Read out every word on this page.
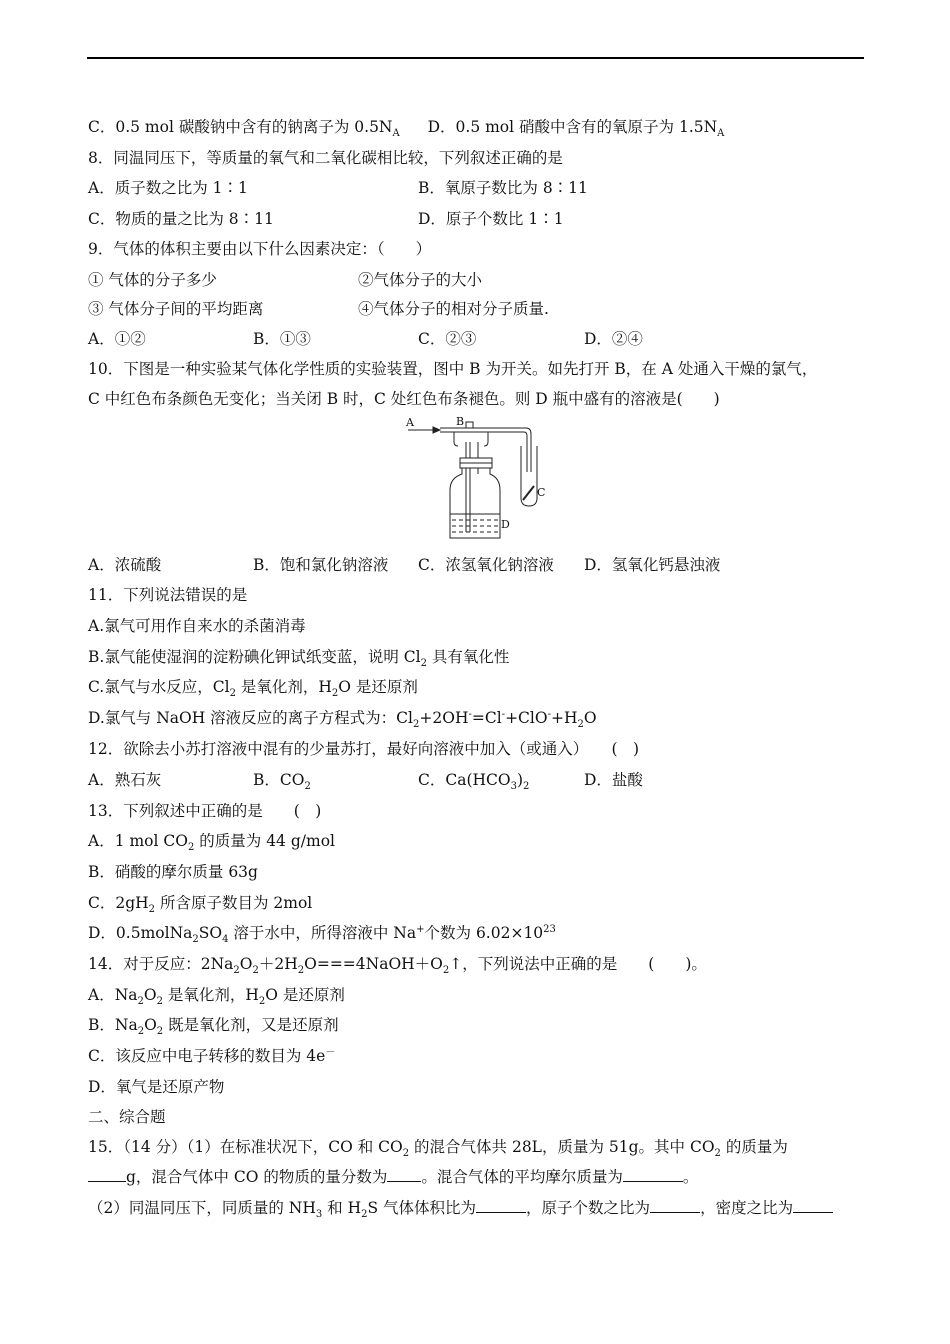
C．0.5 mol 碳酸钠中含有的钠离子为 $0.5N_A$ D．0.5 mol 硝酸中含有的氧原子为 $1.5N_A$
8．同温同压下，等质量的氧气和二氧化碳相比较，下列叙述正确的是
A．质子数之比为 1∶1	B．氧原子数比为 8∶11
C．物质的量之比为 8∶11	D．原子个数比 1∶1
9．气体的体积主要由以下什么因素决定：（　　）
① 气体的分子多少	②气体分子的大小
③ 气体分子间的平均距离	④气体分子的相对分子质量.
A．①②	B．①③	C．②③	D．②④
10．下图是一种实验某气体化学性质的实验装置，图中 B 为开关。如先打开 B，在 A 处通入干燥的氯气，
C 中红色布条颜色无变化；当关闭 B 时，C 处红色布条褪色。则 D 瓶中盛有的溶液是(　　)
A	B
C
D
A．浓硫酸	B．饱和氯化钠溶液 C．浓氢氧化钠溶液 D．氢氧化钙悬浊液
11．下列说法错误的是
A.氯气可用作自来水的杀菌消毒
B.氯气能使湿润的淀粉碘化钾试纸变蓝，说明 $Cl_2$ 具有氧化性
C.氯气与水反应，$Cl_2$ 是氧化剂，$H_2O$ 是还原剂
D.氯气与 NaOH 溶液反应的离子方程式为：$Cl_2+2OH^-=Cl^-+ClO^-+H_2O$
12．欲除去小苏打溶液中混有的少量苏打，最好向溶液中加入（或通入）　　(　)
A．熟石灰	B．$CO_2$	C．$Ca(HCO_3)_2$	D．盐酸
13．下列叙述中正确的是　　(　)
A．1 mol $CO_2$ 的质量为 44 g/mol
B．硝酸的摩尔质量 63g
C．$2gH_2$ 所含原子数目为 2mol
D．$0.5molNa_2SO_4$ 溶于水中，所得溶液中 Na+个数为 $6.02\times 10^{23}$
14．对于反应：$2Na_2O_2+2H_2O===4NaOH+O_2↑$，下列说法中正确的是　　(　　)。
A．$Na_2O_2$ 是氧化剂，$H_2O$ 是还原剂
B．$Na_2O_2$ 既是氧化剂，又是还原剂
C．该反应中电子转移的数目为 4e－
D．氧气是还原产物
二、综合题
15．（14 分）（1）在标准状况下，CO 和 $CO_2$ 的混合气体共 28L，质量为 51g。其中 $CO_2$ 的质量为
g，混合气体中 CO 的物质的量分数为 。混合气体的平均摩尔质量为	。
（2）同温同压下，同质量的 $NH_3$ 和 $H_2S$ 气体体积比为	，原子个数之比为	，密度之比为
